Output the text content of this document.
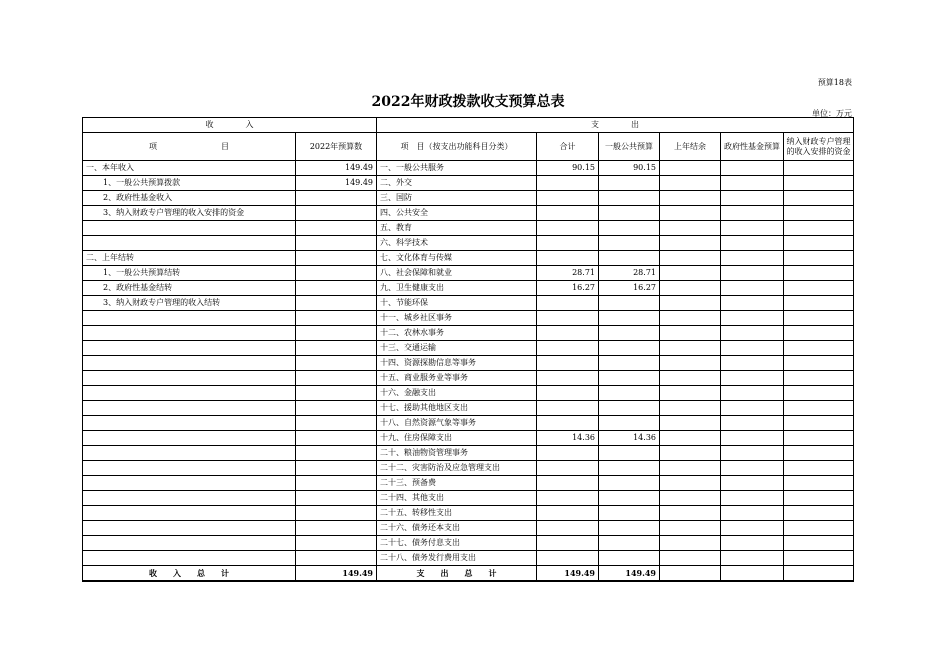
预算18表
2022年财政拨款收支预算总表
单位：万元
收　　　　入		支　　　　出					
项　　　　　　　　目	2022年预算数	项　目（按支出功能科目分类）	合计	一般公共预算	上年结余	政府性基金预算	纳入财政专户管理的收入安排的资金
一、本年收入	149.49	一、一般公共服务	90.15	90.15			
1、一般公共预算拨款	149.49	二、外交					
2、政府性基金收入		三、国防					
3、纳入财政专户管理的收入安排的资金		四、公共安全					
		五、教育					
		六、科学技术					
二、上年结转		七、文化体育与传媒					
1、一般公共预算结转		八、社会保障和就业	28.71	28.71			
2、政府性基金结转		九、卫生健康支出	16.27	16.27			
3、纳入财政专户管理的收入结转		十、节能环保					
		十一、城乡社区事务					
		十二、农林水事务					
		十三、交通运输					
		十四、资源探勘信息等事务					
		十五、商业服务业等事务					
		十六、金融支出					
		十七、援助其他地区支出					
		十八、自然资源气象等事务					
		十九、住房保障支出	14.36	14.36			
		二十、粮油物资管理事务					
		二十二、灾害防治及应急管理支出					
		二十三、预备费					
		二十四、其他支出					
		二十五、转移性支出					
		二十六、债务还本支出					
		二十七、债务付息支出					
		二十八、债务发行费用支出					
收　　入　　总　　计	149.49	支　　出　　总　　计	149.49	149.49			
